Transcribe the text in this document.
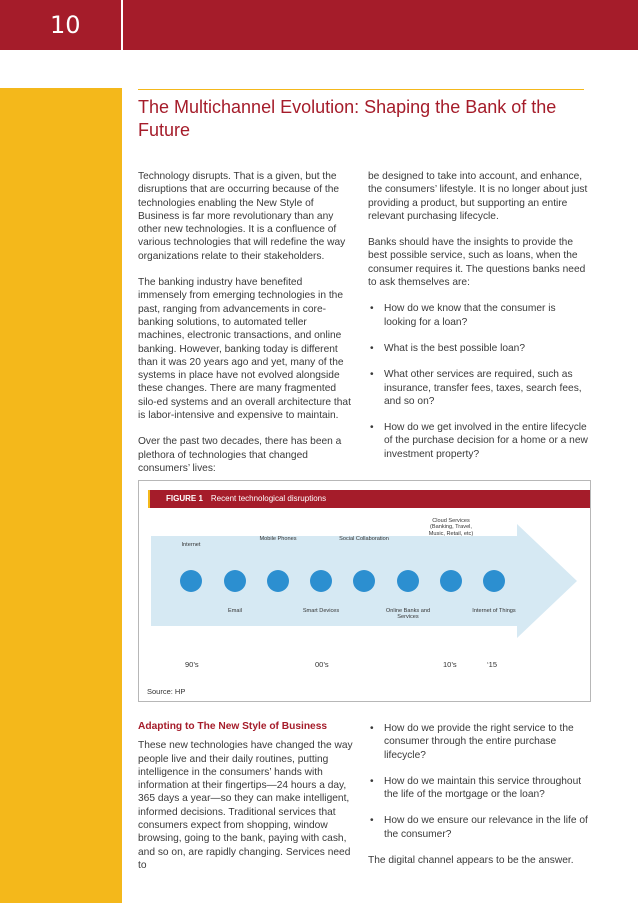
10
The Multichannel Evolution: Shaping the Bank of the Future

Technology disrupts. That is a given, but the disruptions that are occurring because of the technologies enabling the New Style of Business is far more revolutionary than any other new technologies. It is a confluence of various technologies that will redefine the way organizations relate to their stakeholders.

The banking industry have benefited immensely from emerging technologies in the past, ranging from advancements in core-banking solutions, to automated teller machines, electronic transactions, and online banking. However, banking today is different than it was 20 years ago and yet, many of the systems in place have not evolved alongside these changes. There are many fragmented silo-ed systems and an overall architecture that is labor-intensive and expensive to maintain.

Over the past two decades, there has been a plethora of technologies that changed consumers’ lives:

be designed to take into account, and enhance, the consumers’ lifestyle. It is no longer about just providing a product, but supporting an entire relevant purchasing lifecycle.

Banks should have the insights to provide the best possible service, such as loans, when the consumer requires it. The questions banks need to ask themselves are:

• How do we know that the consumer is looking for a loan?
• What is the best possible loan?
• What other services are required, such as insurance, transfer fees, taxes, search fees, and so on?
• How do we get involved in the entire lifecycle of the purchase decision for a home or a new investment property?
FIGURE 1 Recent technological disruptions
Internet
Mobile Phones	Social Collaboration
Cloud Services (Banking, Travel, Music, Retail, etc)
Email	Smart Devices	Online Banks and Services
Internet of Things
90’s	00’s	10’s	‘15
Source: HP

Adapting to The New Style of Business

These new technologies have changed the way people live and their daily routines, putting intelligence in the consumers’ hands with information at their fingertips—24 hours a day, 365 days a year—so they can make intelligent, informed decisions. Traditional services that consumers expect from shopping, window browsing, going to the bank, paying with cash, and so on, are rapidly changing. Services need to

• How do we provide the right service to the consumer through the entire purchase lifecycle?
• How do we maintain this service throughout the life of the mortgage or the loan?
• How do we ensure our relevance in the life of the consumer?

The digital channel appears to be the answer.
